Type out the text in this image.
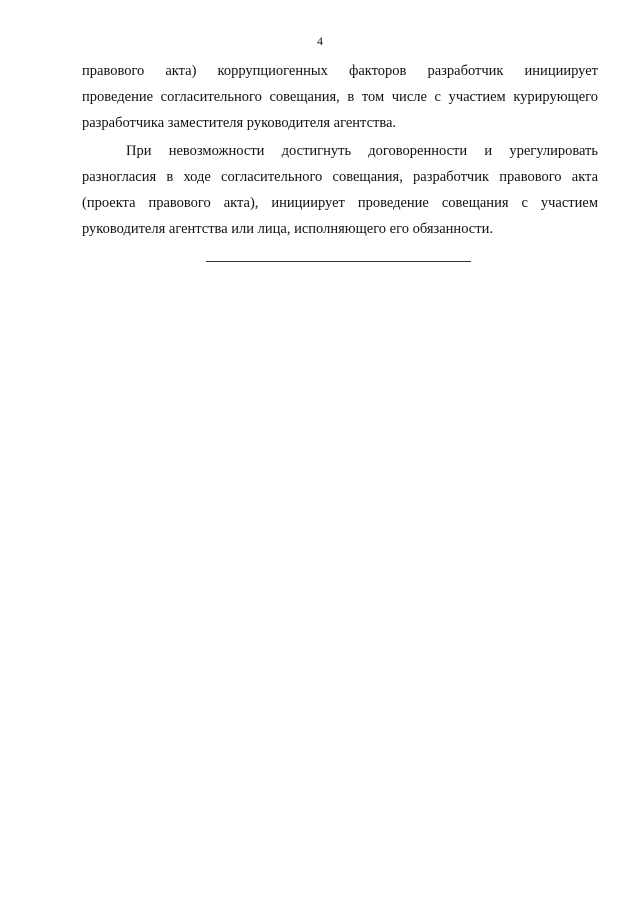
4
правового акта) коррупциогенных факторов разработчик инициирует
проведение согласительного совещания, в том числе с участием курирующего
разработчика заместителя руководителя агентства.
При невозможности достигнуть договоренности и урегулировать
разногласия в ходе согласительного совещания, разработчик правового акта
(проекта правового акта), инициирует проведение совещания с участием
руководителя агентства или лица, исполняющего его обязанности.
